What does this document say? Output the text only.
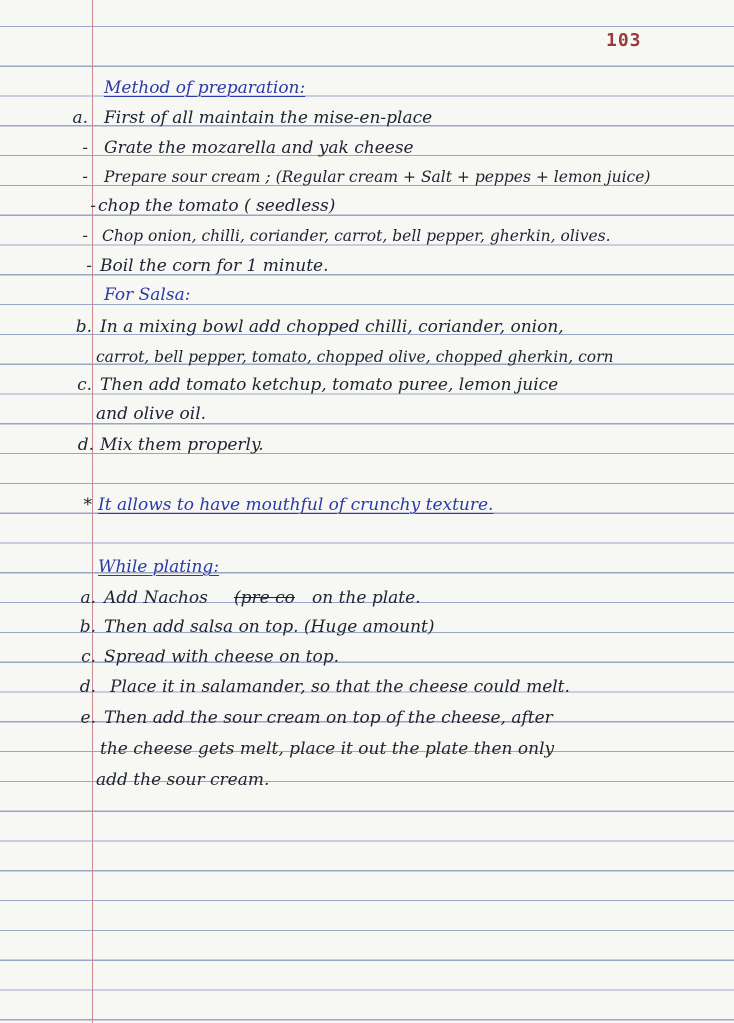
103
Method of preparation:
a. First of all maintain the mise-en-place
- Grate the mozarella and yak cheese
- Prepare sour cream ; (Regular cream + Salt + peppes + lemon juice)
- chop the tomato ( seedless)
- Chop onion, chilli, coriander, carrot, bell pepper, gherkin, olives.
- Boil the corn for 1 minute.
For Salsa:
b. In a mixing bowl add chopped chilli, coriander, onion,
carrot, bell pepper, tomato, chopped olive, chopped gherkin, corn
c. Then add tomato ketchup, tomato puree, lemon juice
and olive oil.
d. Mix them properly.
* It allows to have mouthful of crunchy texture.
While plating:
a. Add Nachos (pre co on the plate.
b. Then add salsa on top. (Huge amount)
c. Spread with cheese on top.
d. Place it in salamander, so that the cheese could melt.
e. Then add the sour cream on top of the cheese, after
the cheese gets melt, place it out the plate then only
add the sour cream.
